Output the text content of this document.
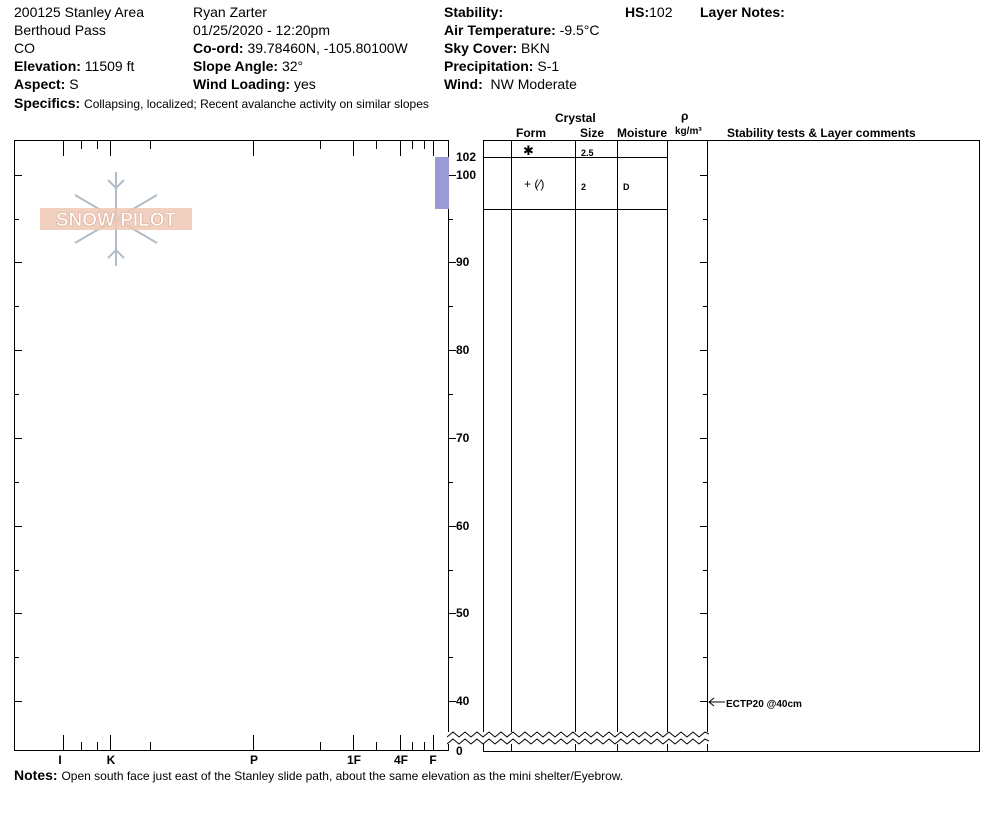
200125 Stanley Area
Berthoud Pass
CO
Elevation: 11509 ft
Aspect: S
Ryan Zarter
01/25/2020 - 12:20pm
Co-ord: 39.78460N, -105.80100W
Slope Angle: 32°
Wind Loading: yes
Stability:
Air Temperature: -9.5°C
Sky Cover: BKN
Precipitation: S-1
Wind: NW Moderate
HS:102 Layer Notes:
Specifics: Collapsing, localized; Recent avalanche activity on similar slopes
Crystal
Form	Size Moisture
ρ
kg/m³ Stability tests & Layer comments
I	K	P	1F	4F	F
SNOW PILOT
102
100
90
80
70
60
50
40
0
✱	2.5
+ (⁄)	2	D
ECTP20 @40cm
Notes: Open south face just east of the Stanley slide path, about the same elevation as the mini shelter/Eyebrow.
